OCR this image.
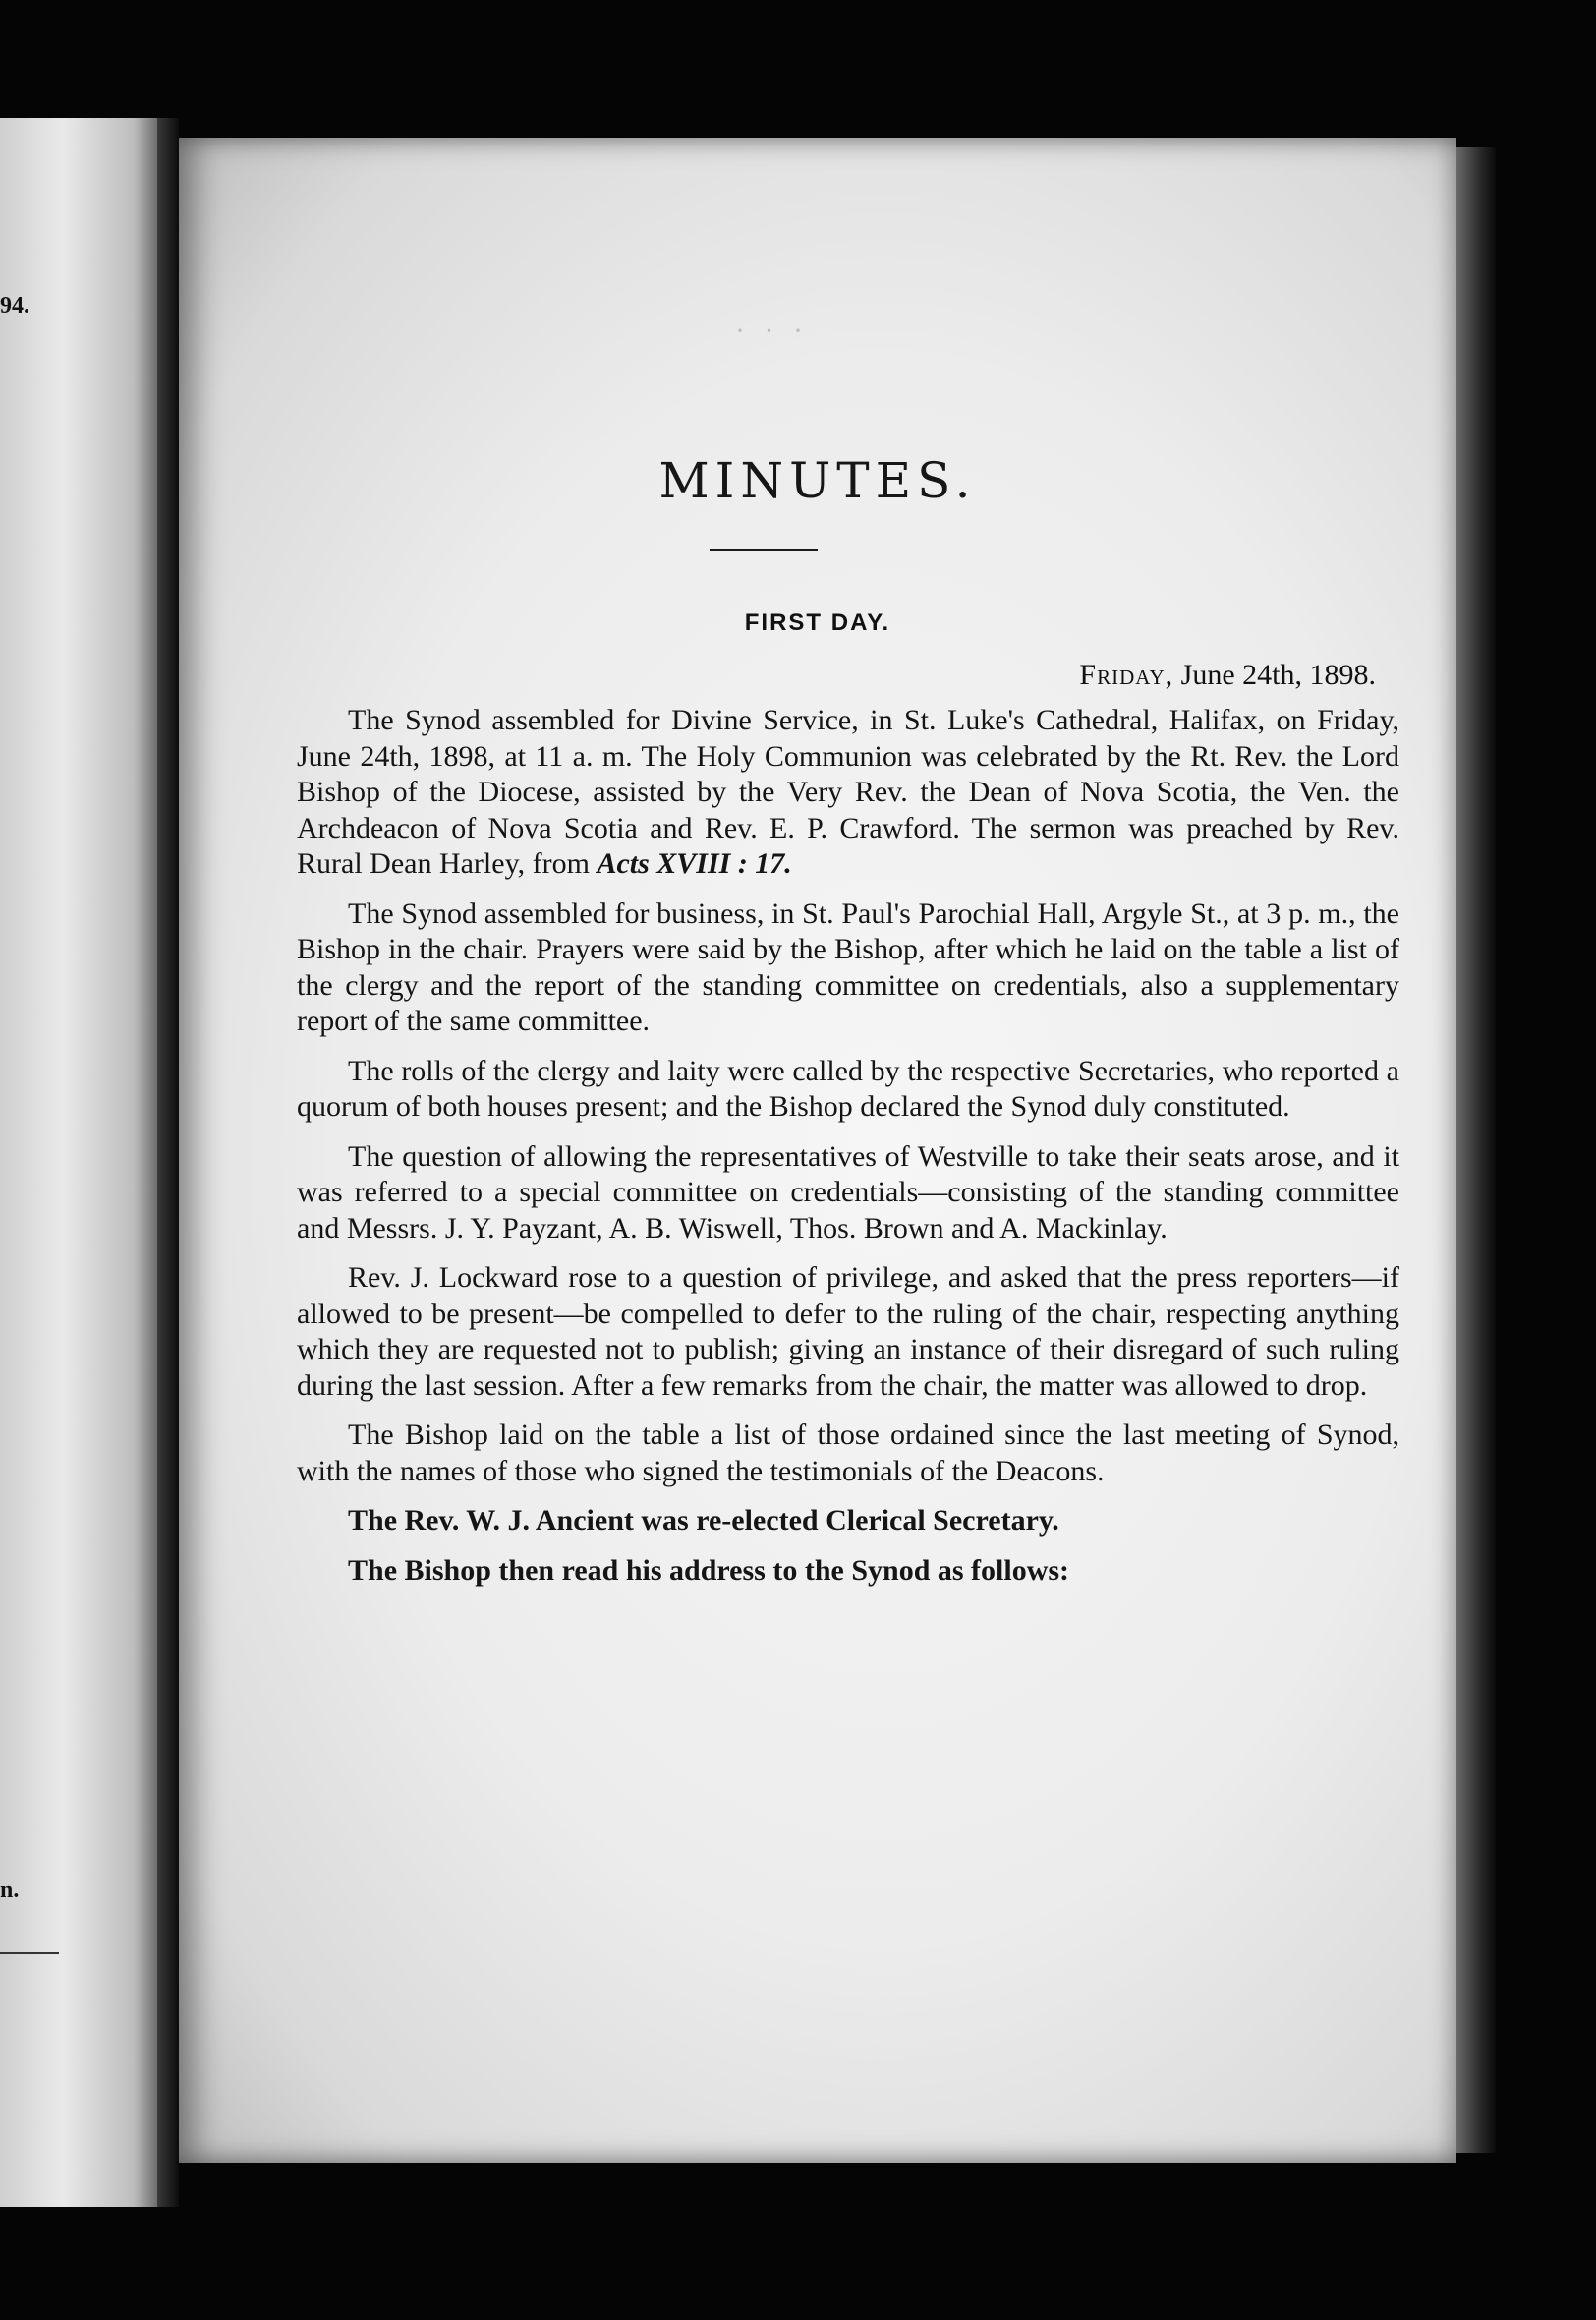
94.
n.
· · ·
MINUTES.
FIRST DAY.
Friday, June 24th, 1898.

The Synod assembled for Divine Service, in St. Luke's Cathedral, Halifax, on Friday, June 24th, 1898, at 11 a. m. The Holy Communion was celebrated by the Rt. Rev. the Lord Bishop of the Diocese, assisted by the Very Rev. the Dean of Nova Scotia, the Ven. the Archdeacon of Nova Scotia and Rev. E. P. Crawford. The sermon was preached by Rev. Rural Dean Harley, from Acts XVIII : 17.

The Synod assembled for business, in St. Paul's Parochial Hall, Argyle St., at 3 p. m., the Bishop in the chair. Prayers were said by the Bishop, after which he laid on the table a list of the clergy and the report of the standing committee on credentials, also a supplementary report of the same committee.

The rolls of the clergy and laity were called by the respective Secretaries, who reported a quorum of both houses present; and the Bishop declared the Synod duly constituted.

The question of allowing the representatives of Westville to take their seats arose, and it was referred to a special committee on credentials—consisting of the standing committee and Messrs. J. Y. Payzant, A. B. Wiswell, Thos. Brown and A. Mackinlay.

Rev. J. Lockward rose to a question of privilege, and asked that the press reporters—if allowed to be present—be compelled to defer to the ruling of the chair, respecting anything which they are requested not to publish; giving an instance of their disregard of such ruling during the last session. After a few remarks from the chair, the matter was allowed to drop.

The Bishop laid on the table a list of those ordained since the last meeting of Synod, with the names of those who signed the testimonials of the Deacons.

The Rev. W. J. Ancient was re-elected Clerical Secretary.

The Bishop then read his address to the Synod as follows:
